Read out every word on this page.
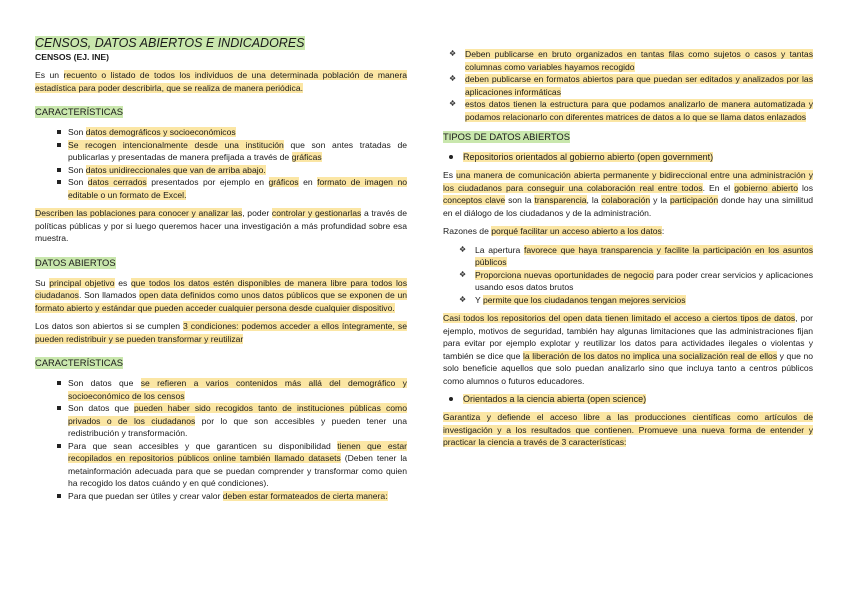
CENSOS, DATOS ABIERTOS E INDICADORES

CENSOS (EJ. INE)

Es un recuento o listado de todos los individuos de una determinada población de manera estadística para poder describirla, que se realiza de manera periódica.

CARACTERÍSTICAS

Son datos demográficos y socioeconómicos
Se recogen intencionalmente desde una institución que son antes tratadas de publicarlas y presentadas de manera prefijada a través de gráficas
Son datos unidireccionales que van de arriba abajo.
Son datos cerrados presentados por ejemplo en gráficos en formato de imagen no editable o un formato de Excel.

Describen las poblaciones para conocer y analizar las, poder controlar y gestionarlas a través de políticas públicas y por si luego queremos hacer una investigación a más profundidad sobre esa muestra.

DATOS ABIERTOS

Su principal objetivo es que todos los datos estén disponibles de manera libre para todos los ciudadanos. Son llamados open data definidos como unos datos públicos que se exponen de un formato abierto y estándar que pueden acceder cualquier persona desde cualquier dispositivo.

Los datos son abiertos si se cumplen 3 condiciones: podemos acceder a ellos íntegramente, se pueden redistribuir y se pueden transformar y reutilizar

CARACTERÍSTICAS

Son datos que se refieren a varios contenidos más allá del demográfico y socioeconómico de los censos
Son datos que pueden haber sido recogidos tanto de instituciones públicas como privados o de los ciudadanos por lo que son accesibles y pueden tener una redistribución y transformación.
Para que sean accesibles y que garanticen su disponibilidad tienen que estar recopilados en repositorios públicos online también llamado datasets (Deben tener la metainformación adecuada para que se puedan comprender y transformar como quien ha recogido los datos cuándo y en qué condiciones).
Para que puedan ser útiles y crear valor deben estar formateados de cierta manera:
❖ Deben publicarse en bruto organizados en tantas filas como sujetos o casos y tantas columnas como variables hayamos recogido
❖ deben publicarse en formatos abiertos para que puedan ser editados y analizados por las aplicaciones informáticas
❖ estos datos tienen la estructura para que podamos analizarlo de manera automatizada y podamos relacionarlo con diferentes matrices de datos a lo que se llama datos enlazados

TIPOS DE DATOS ABIERTOS

Repositorios orientados al gobierno abierto (open government)

Es una manera de comunicación abierta permanente y bidireccional entre una administración y los ciudadanos para conseguir una colaboración real entre todos. En el gobierno abierto los conceptos clave son la transparencia, la colaboración y la participación donde hay una similitud en el diálogo de los ciudadanos y de la administración.

Razones de porqué facilitar un acceso abierto a los datos:

❖ La apertura favorece que haya transparencia y facilite la participación en los asuntos públicos
❖ Proporciona nuevas oportunidades de negocio para poder crear servicios y aplicaciones usando esos datos brutos
❖ Y permite que los ciudadanos tengan mejores servicios

Casi todos los repositorios del open data tienen limitado el acceso a ciertos tipos de datos, por ejemplo, motivos de seguridad, también hay algunas limitaciones que las administraciones fijan para evitar por ejemplo explotar y reutilizar los datos para actividades ilegales o violentas y también se dice que la liberación de los datos no implica una socialización real de ellos y que no solo beneficie aquellos que solo puedan analizarlo sino que incluya tanto a centros públicos como alumnos o futuros educadores.

Orientados a la ciencia abierta (open science)

Garantiza y defiende el acceso libre a las producciones científicas como artículos de investigación y a los resultados que contienen. Promueve una nueva forma de entender y practicar la ciencia a través de 3 características:
